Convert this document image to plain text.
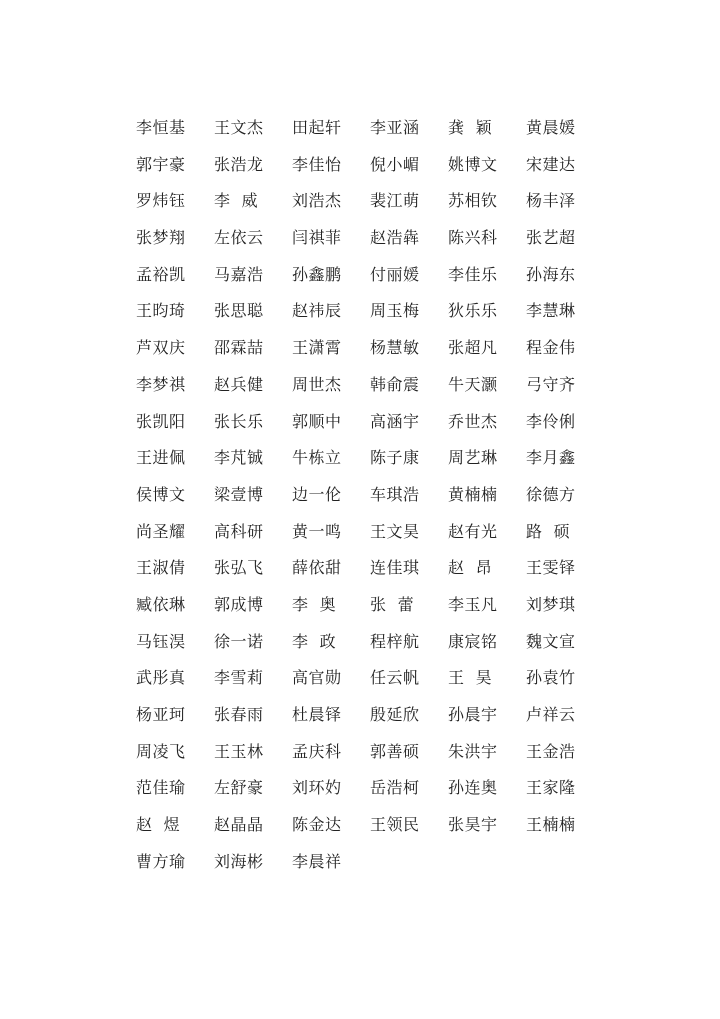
李恒基	王文杰	田起轩	李亚涵	龚  颖	黄晨媛
郭宇豪	张浩龙	李佳怡	倪小嵋	姚博文	宋建达
罗炜钰	李  威	刘浩杰	裴江萌	苏相钦	杨丰泽
张梦翔	左依云	闫祺菲	赵浩犇	陈兴科	张艺超
孟裕凯	马嘉浩	孙鑫鹏	付丽媛	李佳乐	孙海东
王昀琦	张思聪	赵祎辰	周玉梅	狄乐乐	李慧琳
芦双庆	邵霖喆	王潇霄	杨慧敏	张超凡	程金伟
李梦祺	赵兵健	周世杰	韩俞震	牛天灏	弓守齐
张凯阳	张长乐	郭顺中	高涵宇	乔世杰	李伶俐
王进佩	李芃铖	牛栋立	陈子康	周艺琳	李月鑫
侯博文	梁壹博	边一伦	车琪浩	黄楠楠	徐德方
尚圣耀	高科研	黄一鸣	王文昊	赵有光	路  硕
王淑倩	张弘飞	薛依甜	连佳琪	赵  昂	王雯铎
臧依琳	郭成博	李  奥	张  蕾	李玉凡	刘梦琪
马钰淏	徐一诺	李  政	程梓航	康宸铭	魏文宣
武彤真	李雪莉	高官勋	任云帆	王  昊	孙袁竹
杨亚珂	张春雨	杜晨铎	殷延欣	孙晨宇	卢祥云
周凌飞	王玉林	孟庆科	郭善硕	朱洪宇	王金浩
范佳瑜	左舒豪	刘环妁	岳浩柯	孙连奥	王家隆
赵  煜	赵晶晶	陈金达	王领民	张昊宇	王楠楠
曹方瑜	刘海彬	李晨祥
